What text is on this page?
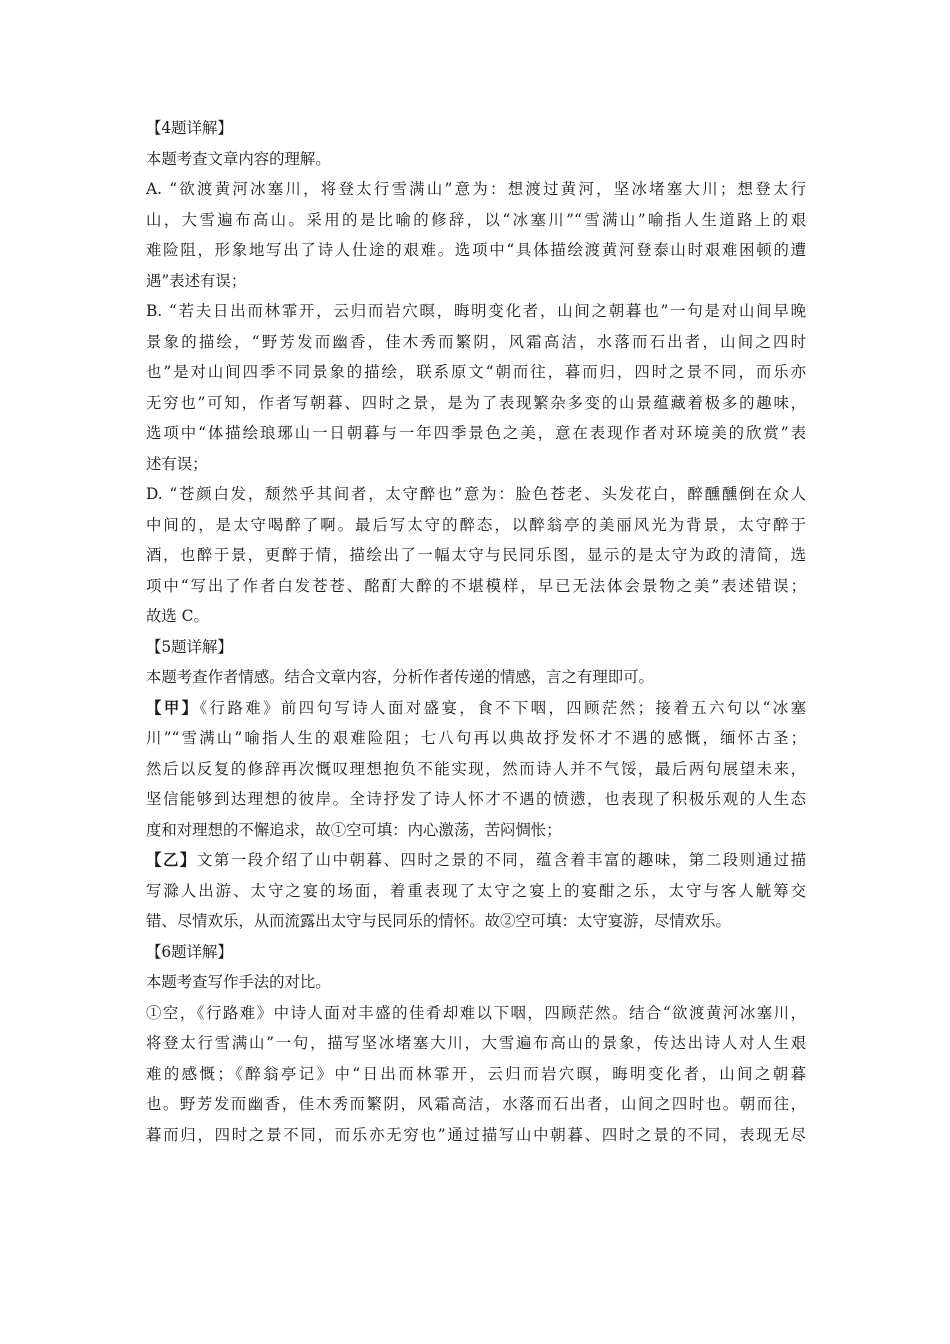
【4题详解】
本题考查文章内容的理解。
A. “欲渡黄河冰塞川，将登太行雪满山”意为：想渡过黄河，坚冰堵塞大川；想登太行
山，大雪遍布高山。采用的是比喻的修辞，以“冰塞川”“雪满山”喻指人生道路上的艰
难险阻，形象地写出了诗人仕途的艰难。选项中“具体描绘渡黄河登泰山时艰难困顿的遭
遇”表述有误；
B. “若夫日出而林霏开，云归而岩穴暝，晦明变化者，山间之朝暮也”一句是对山间早晚
景象的描绘，“野芳发而幽香，佳木秀而繁阴，风霜高洁，水落而石出者，山间之四时
也”是对山间四季不同景象的描绘，联系原文“朝而往，暮而归，四时之景不同，而乐亦
无穷也”可知，作者写朝暮、四时之景，是为了表现繁杂多变的山景蕴藏着极多的趣味，
选项中“体描绘琅琊山一日朝暮与一年四季景色之美，意在表现作者对环境美的欣赏”表
述有误；
D. “苍颜白发，颓然乎其间者，太守醉也”意为：脸色苍老、头发花白，醉醺醺倒在众人
中间的，是太守喝醉了啊。最后写太守的醉态，以醉翁亭的美丽风光为背景，太守醉于
酒，也醉于景，更醉于情，描绘出了一幅太守与民同乐图，显示的是太守为政的清简，选
项中“写出了作者白发苍苍、酩酊大醉的不堪模样，早已无法体会景物之美”表述错误；
故选 C。
【5题详解】
本题考查作者情感。结合文章内容，分析作者传递的情感，言之有理即可。
【甲】《行路难》前四句写诗人面对盛宴，食不下咽，四顾茫然；接着五六句以“冰塞
川”“雪满山”喻指人生的艰难险阻；七八句再以典故抒发怀才不遇的感慨，缅怀古圣；
然后以反复的修辞再次慨叹理想抱负不能实现，然而诗人并不气馁，最后两句展望未来，
坚信能够到达理想的彼岸。全诗抒发了诗人怀才不遇的愤懑，也表现了积极乐观的人生态
度和对理想的不懈追求，故①空可填：内心激荡，苦闷惆怅；
【乙】文第一段介绍了山中朝暮、四时之景的不同，蕴含着丰富的趣味，第二段则通过描
写滁人出游、太守之宴的场面，着重表现了太守之宴上的宴酣之乐，太守与客人觥筹交
错、尽情欢乐，从而流露出太守与民同乐的情怀。故②空可填：太守宴游，尽情欢乐。
【6题详解】
本题考查写作手法的对比。
①空，《行路难》中诗人面对丰盛的佳肴却难以下咽，四顾茫然。结合“欲渡黄河冰塞川，
将登太行雪满山”一句，描写坚冰堵塞大川，大雪遍布高山的景象，传达出诗人对人生艰
难的感慨；《醉翁亭记》中“日出而林霏开，云归而岩穴暝，晦明变化者，山间之朝暮
也。野芳发而幽香，佳木秀而繁阴，风霜高洁，水落而石出者，山间之四时也。朝而往，
暮而归，四时之景不同，而乐亦无穷也”通过描写山中朝暮、四时之景的不同，表现无尽
